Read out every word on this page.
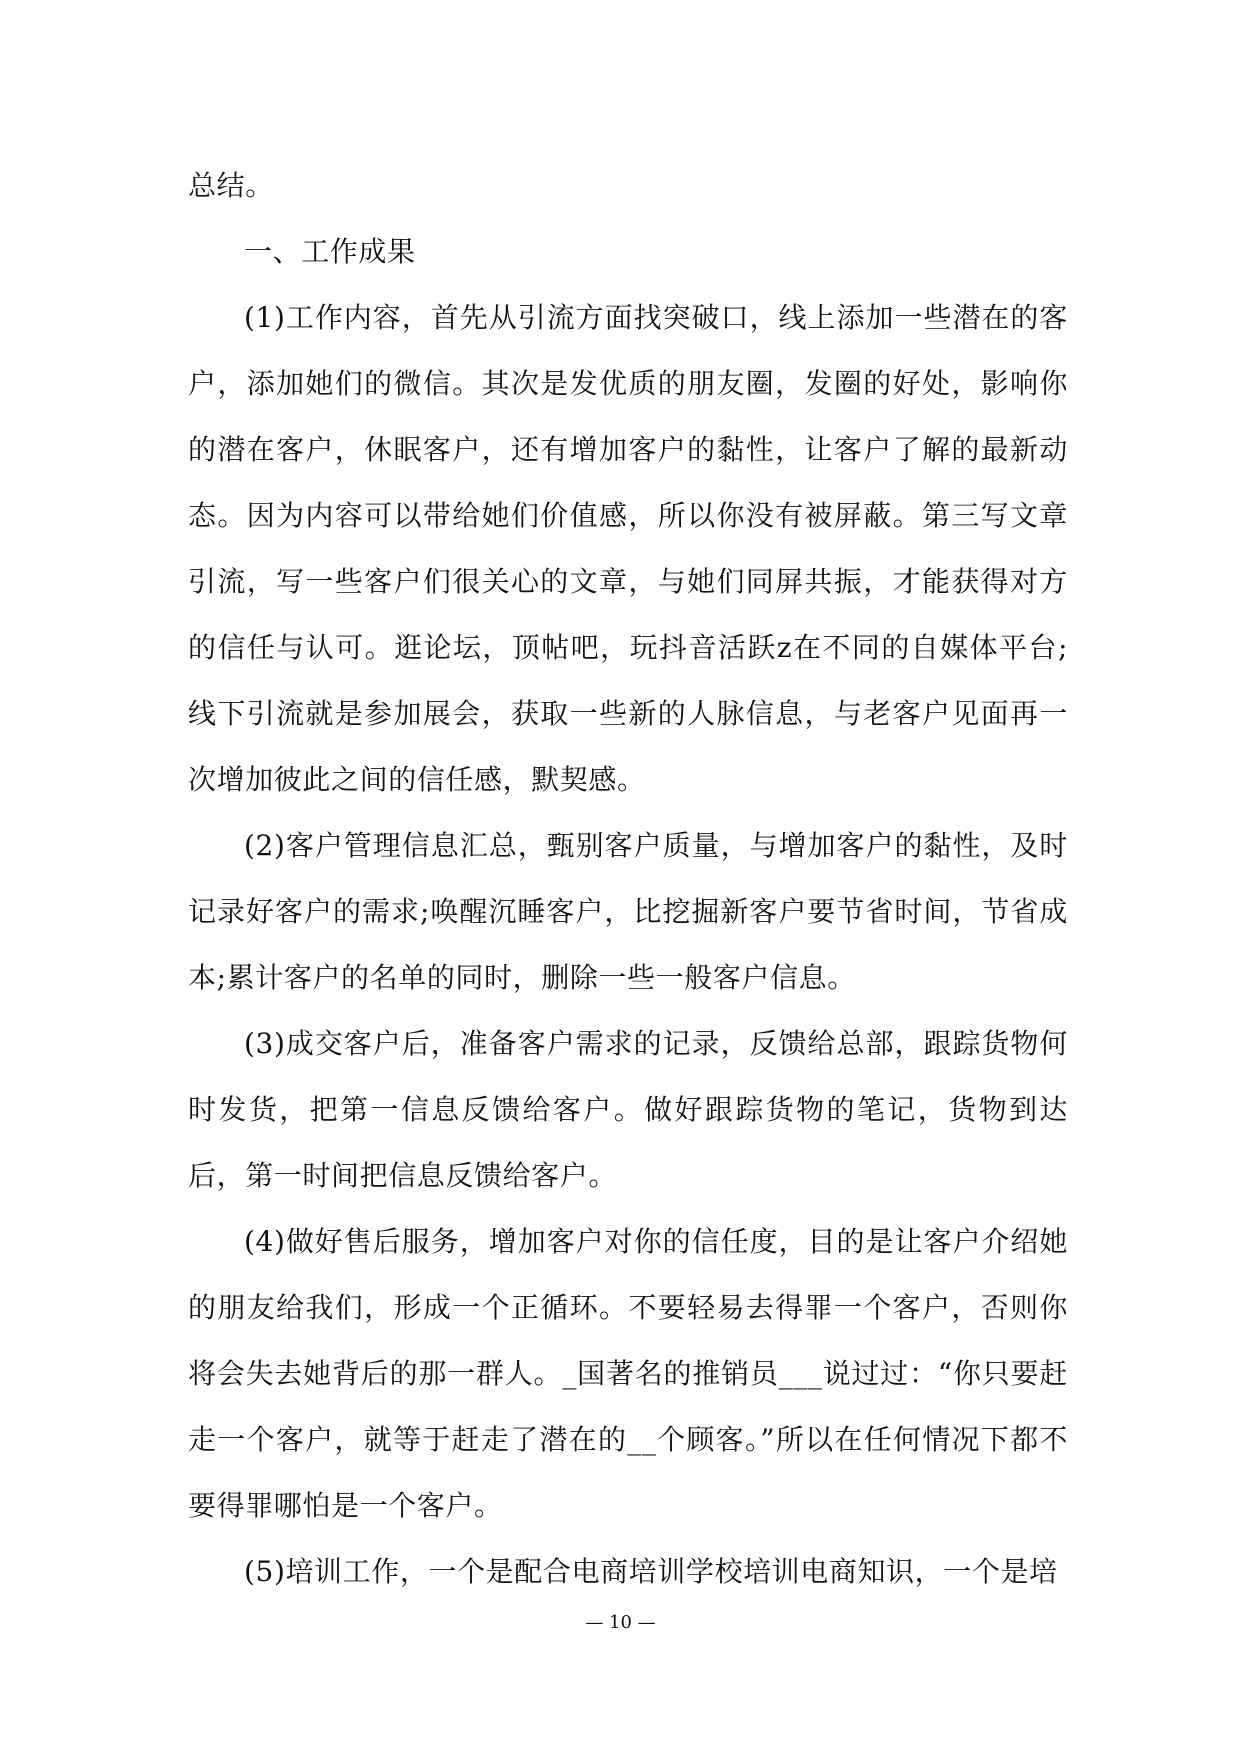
总结。

一、工作成果

(1)工作内容，首先从引流方面找突破口，线上添加一些潜在的客户，添加她们的微信。其次是发优质的朋友圈，发圈的好处，影响你的潜在客户，休眠客户，还有增加客户的黏性，让客户了解的最新动态。因为内容可以带给她们价值感，所以你没有被屏蔽。第三写文章引流，写一些客户们很关心的文章，与她们同屏共振，才能获得对方的信任与认可。逛论坛，顶帖吧，玩抖音活跃z在不同的自媒体平台;线下引流就是参加展会，获取一些新的人脉信息，与老客户见面再一次增加彼此之间的信任感，默契感。

(2)客户管理信息汇总，甄别客户质量，与增加客户的黏性，及时记录好客户的需求;唤醒沉睡客户，比挖掘新客户要节省时间，节省成本;累计客户的名单的同时，删除一些一般客户信息。

(3)成交客户后，准备客户需求的记录，反馈给总部，跟踪货物何时发货，把第一信息反馈给客户。做好跟踪货物的笔记，货物到达后，第一时间把信息反馈给客户。

(4)做好售后服务，增加客户对你的信任度，目的是让客户介绍她的朋友给我们，形成一个正循环。不要轻易去得罪一个客户，否则你将会失去她背后的那一群人。_国著名的推销员___说过过：“你只要赶走一个客户，就等于赶走了潜在的__个顾客。”所以在任何情况下都不要得罪哪怕是一个客户。

(5)培训工作，一个是配合电商培训学校培训电商知识，一个是培

— 10 —
